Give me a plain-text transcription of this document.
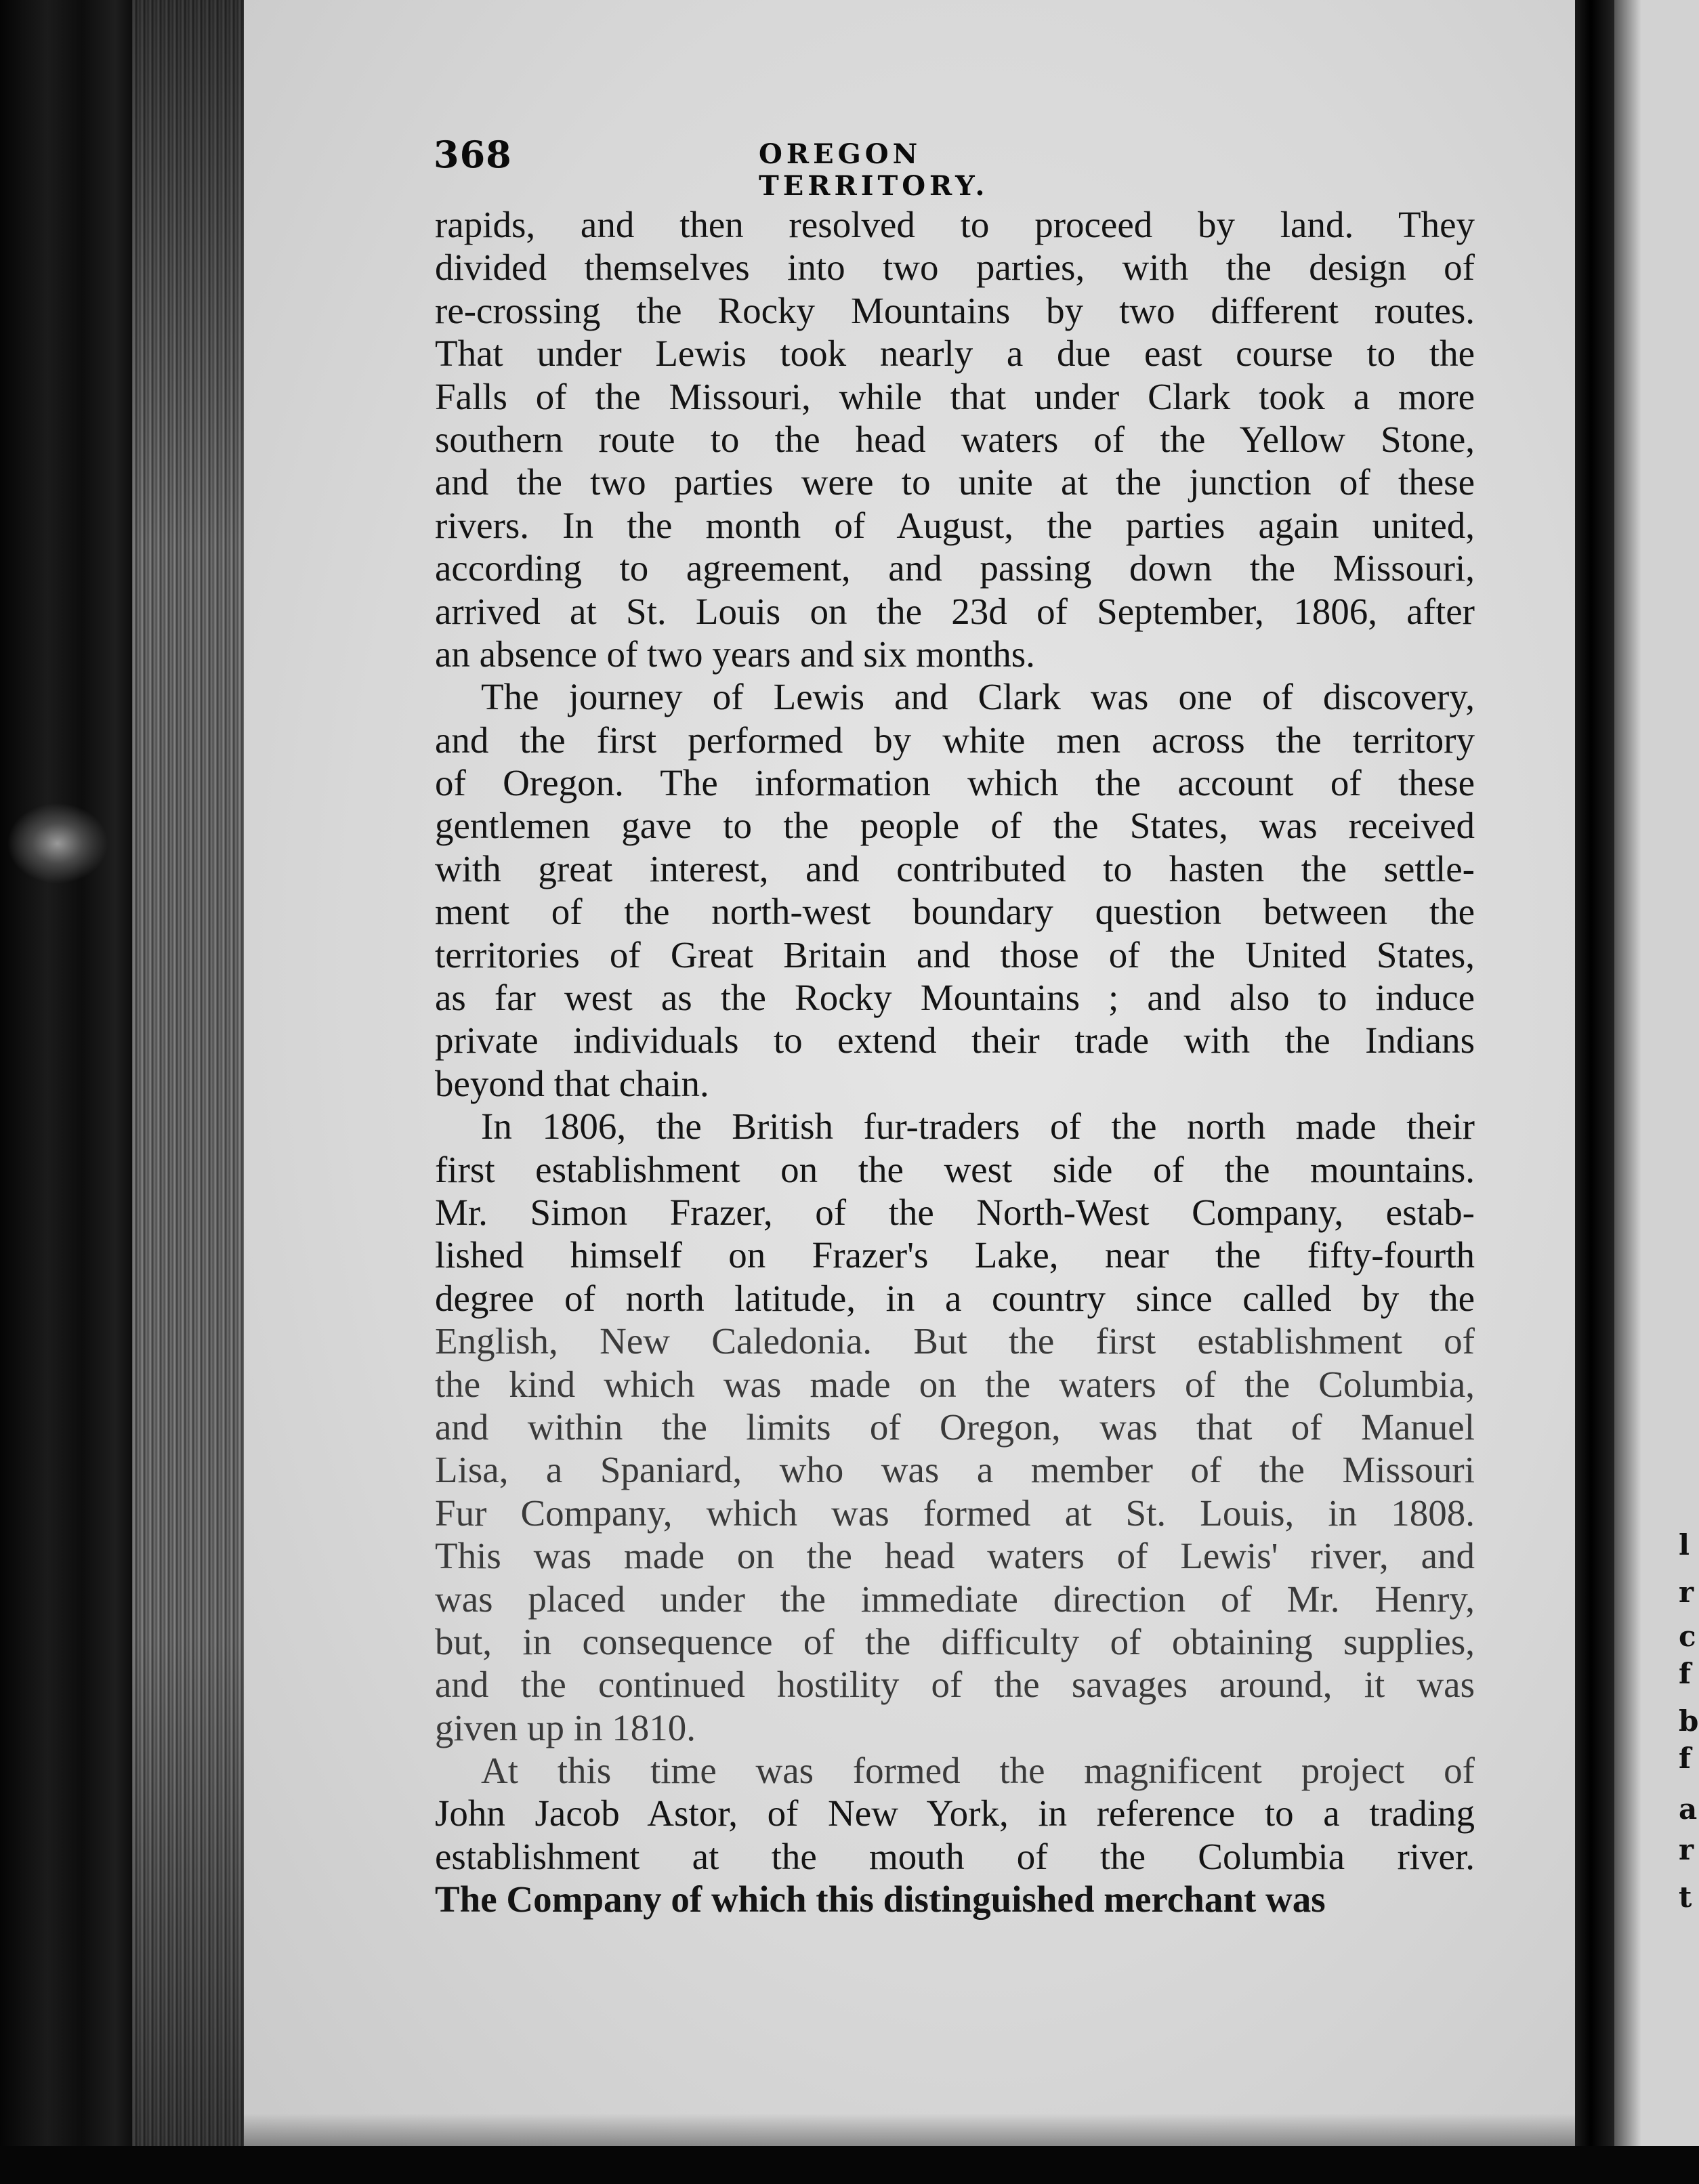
l
r
c
f
b
f
a
r
t
368	OREGON TERRITORY.
rapids, and then resolved to proceed by land. They
divided themselves into two parties, with the design of
re-crossing the Rocky Mountains by two different routes.
That under Lewis took nearly a due east course to the
Falls of the Missouri, while that under Clark took a more
southern route to the head waters of the Yellow Stone,
and the two parties were to unite at the junction of these
rivers. In the month of August, the parties again united,
according to agreement, and passing down the Missouri,
arrived at St. Louis on the 23d of September, 1806, after
an absence of two years and six months.
The journey of Lewis and Clark was one of discovery,
and the first performed by white men across the territory
of Oregon. The information which the account of these
gentlemen gave to the people of the States, was received
with great interest, and contributed to hasten the settle-
ment of the north-west boundary question between the
territories of Great Britain and those of the United States,
as far west as the Rocky Mountains ; and also to induce
private individuals to extend their trade with the Indians
beyond that chain.
In 1806, the British fur-traders of the north made their
first establishment on the west side of the mountains.
Mr. Simon Frazer, of the North-West Company, estab-
lished himself on Frazer's Lake, near the fifty-fourth
degree of north latitude, in a country since called by the
English, New Caledonia. But the first establishment of
the kind which was made on the waters of the Columbia,
and within the limits of Oregon, was that of Manuel
Lisa, a Spaniard, who was a member of the Missouri
Fur Company, which was formed at St. Louis, in 1808.
This was made on the head waters of Lewis' river, and
was placed under the immediate direction of Mr. Henry,
but, in consequence of the difficulty of obtaining supplies,
and the continued hostility of the savages around, it was
given up in 1810.
At this time was formed the magnificent project of
John Jacob Astor, of New York, in reference to a trading
establishment at the mouth of the Columbia river.
The Company of which this distinguished merchant was
